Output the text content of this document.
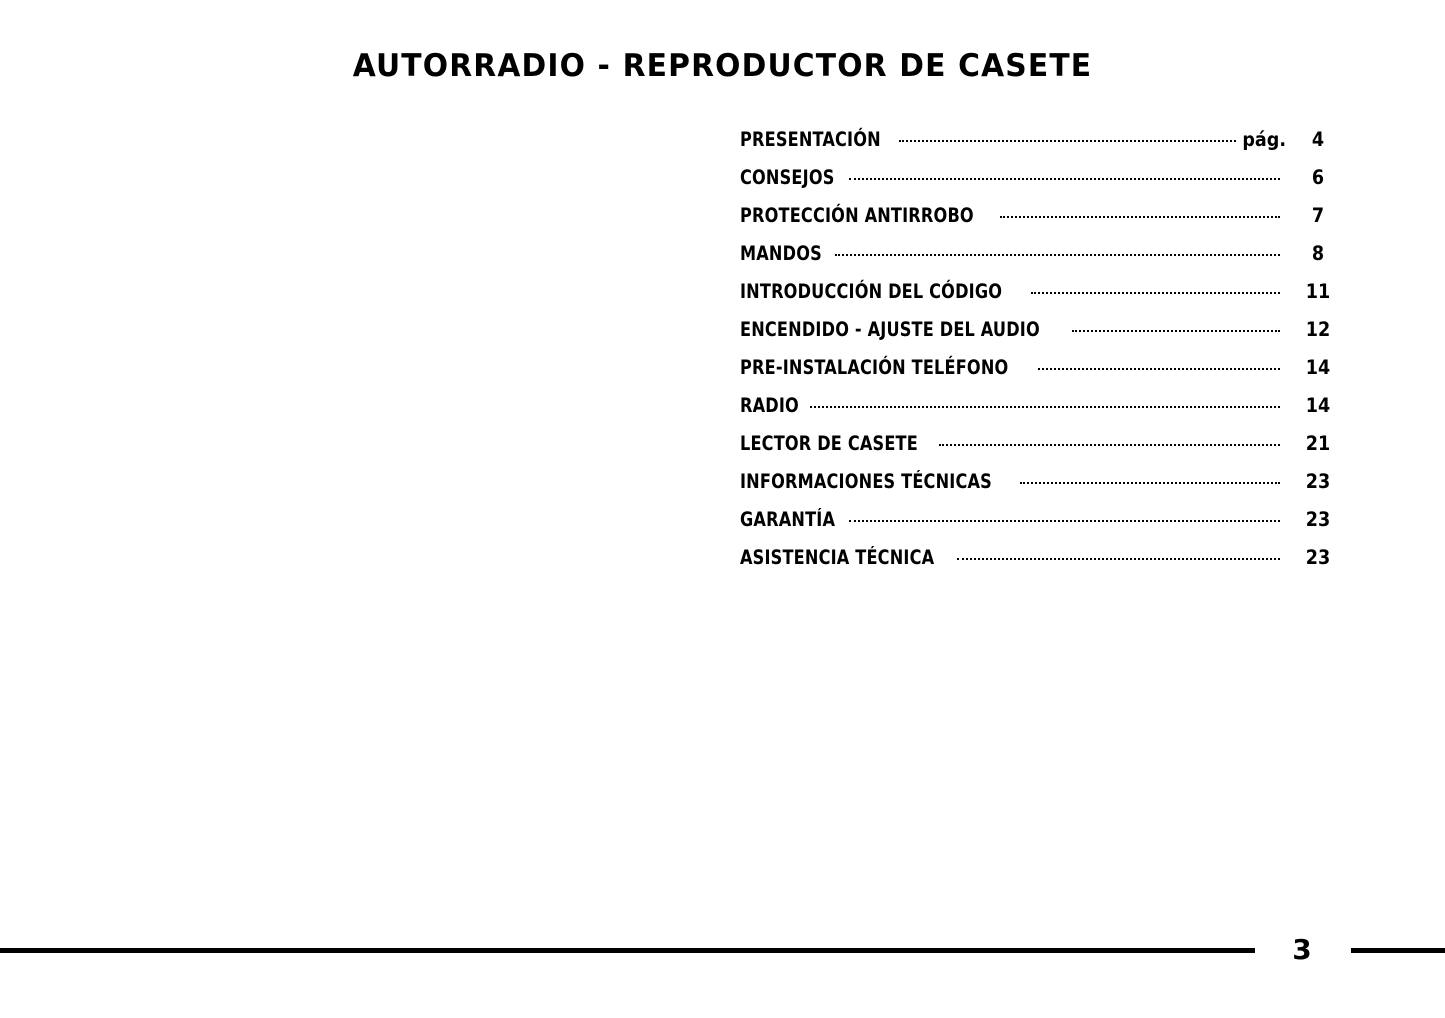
AUTORRADIO - REPRODUCTOR DE CASETE
PRESENTACIÓN	pág.	4
CONSEJOS	6
PROTECCIÓN ANTIRROBO	7
MANDOS	8
INTRODUCCIÓN DEL CÓDIGO	11
ENCENDIDO - AJUSTE DEL AUDIO	12
PRE-INSTALACIÓN TELÉFONO	14
RADIO	14
LECTOR DE CASETE	21
INFORMACIONES TÉCNICAS	23
GARANTÍA	23
ASISTENCIA TÉCNICA	23
3
